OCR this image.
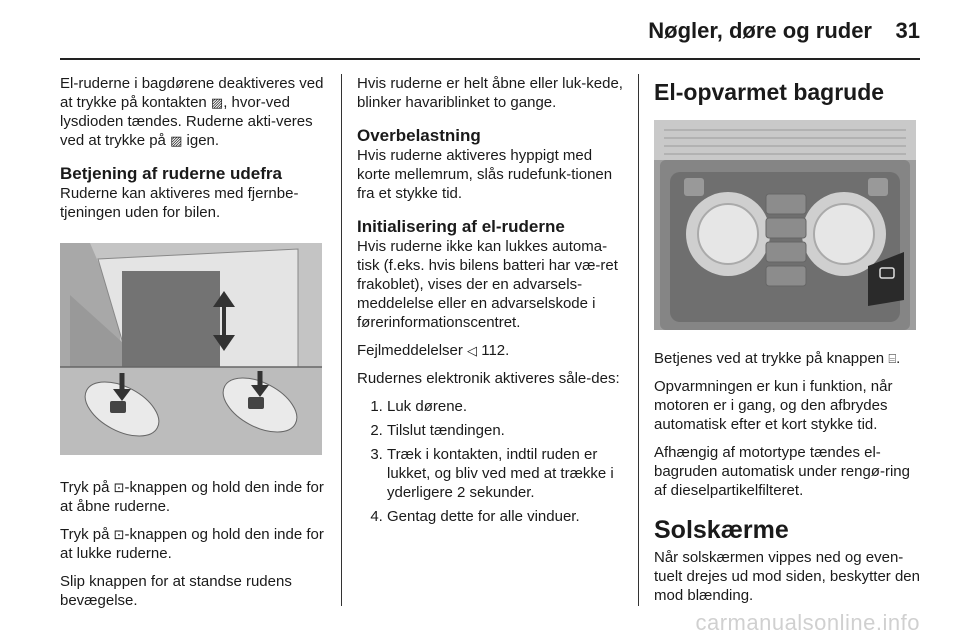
Nøgler, døre og ruder 31

El-ruderne i bagdørene deaktiveres ved at trykke på kontakten ▨, hvor-ved lysdioden tændes. Ruderne akti-veres ved at trykke på ▨ igen.

Betjening af ruderne udefra

Ruderne kan aktiveres med fjernbe-tjeningen uden for bilen.

Tryk på ⊡-knappen og hold den inde for at åbne ruderne.

Tryk på ⊡-knappen og hold den inde for at lukke ruderne.

Slip knappen for at standse rudens bevægelse.

Hvis ruderne er helt åbne eller luk-kede, blinker havariblinket to gange.

Overbelastning

Hvis ruderne aktiveres hyppigt med korte mellemrum, slås rudefunk-tionen fra et stykke tid.

Initialisering af el-ruderne

Hvis ruderne ikke kan lukkes automa-tisk (f.eks. hvis bilens batteri har væ-ret frakoblet), vises der en advarsels-meddelelse eller en advarselskode i førerinformationscentret.

Fejlmeddelelser ◁ 112.

Rudernes elektronik aktiveres såle-des:

1. Luk dørene.
2. Tilslut tændingen.
3. Træk i kontakten, indtil ruden er lukket, og bliv ved med at trække i yderligere 2 sekunder.
4. Gentag dette for alle vinduer.
El-opvarmet bagrude

Betjenes ved at trykke på knappen ⌸.

Opvarmningen er kun i funktion, når motoren er i gang, og den afbrydes automatisk efter et kort stykke tid.

Afhængig af motortype tændes el-bagruden automatisk under rengø-ring af dieselpartikelfilteret.

Solskærme

Når solskærmen vippes ned og even-tuelt drejes ud mod siden, beskytter den mod blænding.

carmanualsonline.info
